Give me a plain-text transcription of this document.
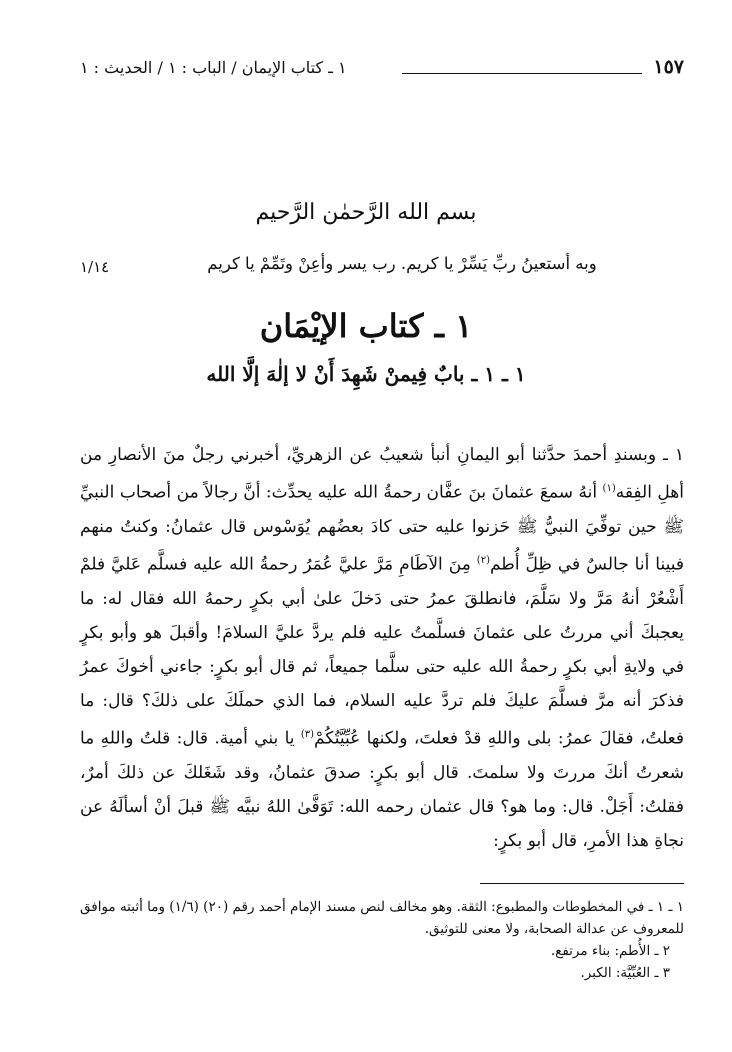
١٥٧
١ ـ كتاب الإيمان / الباب : ١ / الحديث : ١
بسم الله الرَّحمٰن الرَّحيم
وبه أستعينُ ربِّ يَسِّرْ يا كريم. رب يسر وأعِنْ وتَمِّمْ يا كريم
١/١٤
١ ـ كتاب الإيْمَان
١ ـ ١ ـ بابٌ فِيمنْ شَهِدَ أَنْ لا إلٰهَ إلَّا الله

١ ـ وبسندِ أحمدَ حدَّثنا أبو اليمانِ أنبأ شعيبُ عن الزهريِّ، أخبرني رجلٌ منَ الأنصارِ من أهلِ الفِقه$^{(١)}$ أنهُ سمعَ عثمانَ بنَ عفَّان رحمةُ الله عليه يحدِّث: أنَّ رجالاً من أصحاب النبيِّ ﷺ حين توفِّيَ النبيُّ ﷺ حَزنوا عليه حتى كادَ بعضُهم يُوَسْوس قال عثمانُ: وكنتُ منهم فبينا أنا جالسٌ في ظِلِّ أُطم$^{(٢)}$ مِنَ الآطَامِ مَرَّ عليَّ عُمَرُ رحمةُ الله عليه فسلَّم عَليَّ فلمْ أَشْعُرْ أنهُ مَرَّ ولا سَلَّمَ، فانطلقَ عمرُ حتى دَخلَ علىٰ أبي بكرٍ رحمهُ الله فقال له: ما يعجبكَ أني مررتُ على عثمانَ فسلَّمتُ عليه فلم يردَّ عليَّ السلامَ! وأقبلَ هو وأبو بكرٍ في ولايةِ أبي بكرٍ رحمةُ الله عليه حتى سلَّما جميعاً، ثم قال أبو بكرٍ: جاءني أخوكَ عمرُ فذكرَ أنه مرَّ فسلَّمَ عليكَ فلم تردَّ عليه السلام، فما الذي حملَكَ على ذلكَ؟ قال: ما فعلتُ، فقالَ عمرُ: بلى واللهِ قدْ فعلتَ، ولكنها عُبِّيَّتُكُمْ$^{(٣)}$ يا بني أمية. قال: قلتُ واللهِ ما شعرتُ أنكَ مررتَ ولا سلمتَ. قال أبو بكرٍ: صدقَ عثمانُ، وقد شَغَلكَ عن ذلكَ أمرٌ، فقلتُ: أَجَلْ. قال: وما هو؟ قال عثمان رحمه الله: تَوَفَّىٰ اللهُ نبيَّه ﷺ قبلَ أنْ أسألَهُ عن نجاةِ هذا الأمرِ، قال أبو بكرٍ:

١ ـ ١ ـ في المخطوطات والمطبوع: الثقة. وهو مخالف لنص مسند الإمام أحمد رقم (٢٠) (١/٦) وما أثبته موافق للمعروف عن عدالة الصحابة، ولا معنى للتوثيق.

٢ ـ الأُطم: بناء مرتفع.

٣ ـ العُبِّيَّة: الكبر.
